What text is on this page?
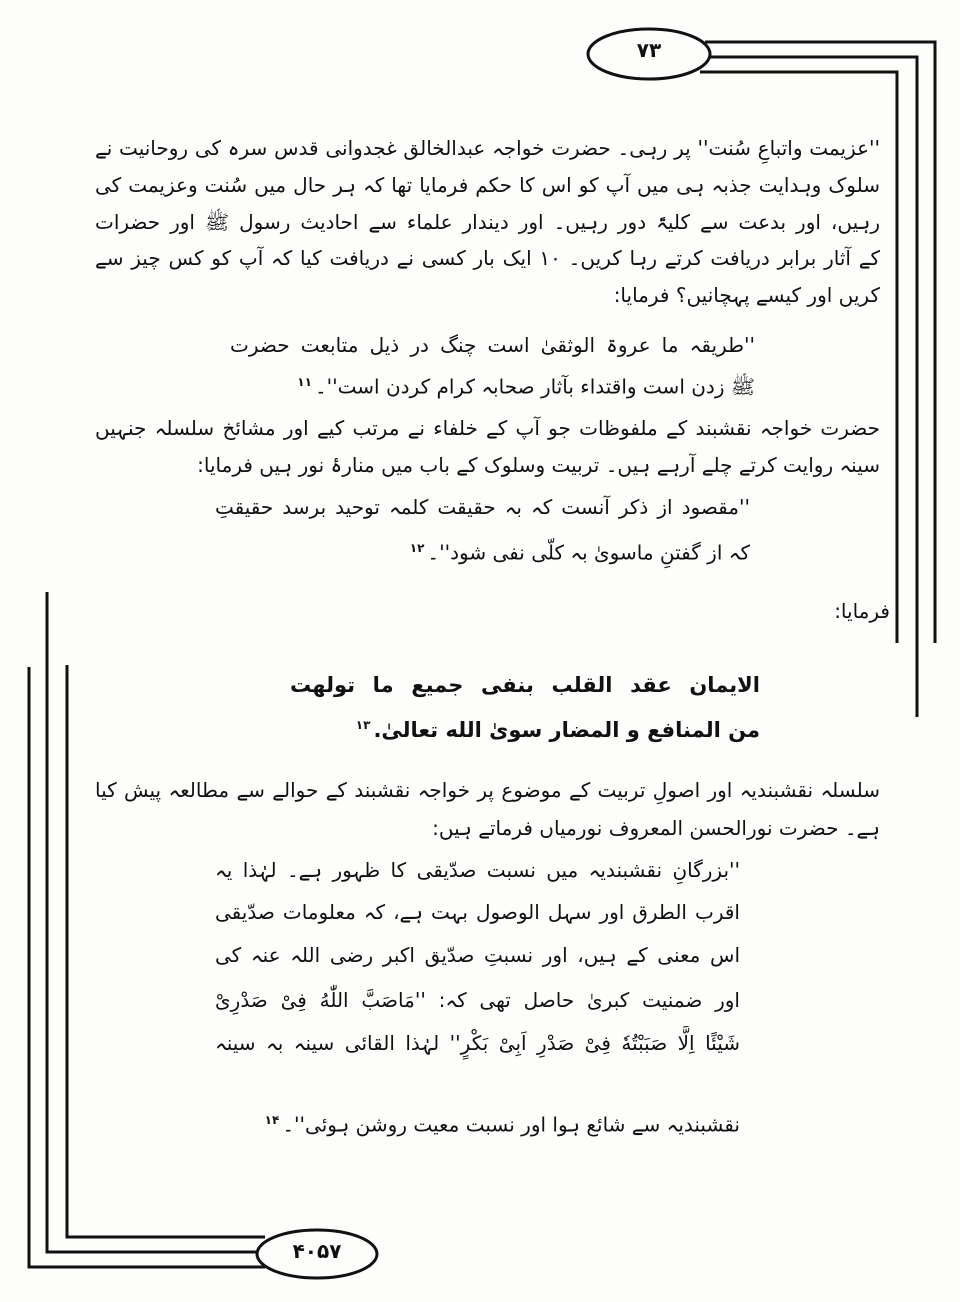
۷۳
۴۰۵۷
''عزیمت واتباعِ سُنت'' پر رہی۔ حضرت خواجہ عبدالخالق غجدوانی قدس سرہ کی روحانیت نے
سلوک وہدایت جذبہ ہی میں آپ کو اس کا حکم فرمایا تھا کہ ہر حال میں سُنت وعزیمت کی
رہیں، اور بدعت سے کلیۃً دور رہیں۔ اور دیندار علماء سے احادیث رسول ﷺ اور حضرات
کے آثار برابر دریافت کرتے رہا کریں۔ ۱۰ ایک بار کسی نے دریافت کیا کہ آپ کو کس چیز سے
کریں اور کیسے پہچانیں؟ فرمایا:
''طریقہ ما عروۃ الوثقیٰ است چنگ در ذیل متابعت حضرت
ﷺ زدن است واقتداء بآثار صحابہ کرام کردن است''۔$^{۱۱}$
حضرت خواجہ نقشبند کے ملفوظات جو آپ کے خلفاء نے مرتب کیے اور مشائخ سلسلہ جنہیں
سینہ روایت کرتے چلے آرہے ہیں۔ تربیت وسلوک کے باب میں منارۂ نور ہیں فرمایا:
''مقصود از ذکر آنست کہ بہ حقیقت کلمہ توحید برسد حقیقتِ
کہ از گفتنِ ماسویٰ بہ کلّی نفی شود''۔$^{۱۲}$
فرمایا:
الایمان عقد القلب بنفی جمیع ما تولهت
من المنافع و المضار سویٰ الله تعالیٰ.$^{۱۳}$
سلسلہ نقشبندیہ اور اصولِ تربیت کے موضوع پر خواجہ نقشبند کے حوالے سے مطالعہ پیش کیا
ہے۔ حضرت نورالحسن المعروف نورمیاں فرماتے ہیں:
''بزرگانِ نقشبندیہ میں نسبت صدّیقی کا ظہور ہے۔ لہٰذا یہ
اقرب الطرق اور سہل الوصول بہت ہے، کہ معلومات صدّیقی
اس معنی کے ہیں، اور نسبتِ صدّیق اکبر رضی اللہ عنہ کی
اور ضمنیت کبریٰ حاصل تھی کہ: ''مَاصَبَّ اللّٰهُ فِیْ صَدْرِیْ
شَیْئًا اِلَّا صَبَبْتُهٗ فِیْ صَدْرِ اَبِیْ بَکْرٍ'' لہٰذا القائی سینہ بہ سینہ
نقشبندیہ سے شائع ہوا اور نسبت معیت روشن ہوئی''۔$^{۱۴}$
